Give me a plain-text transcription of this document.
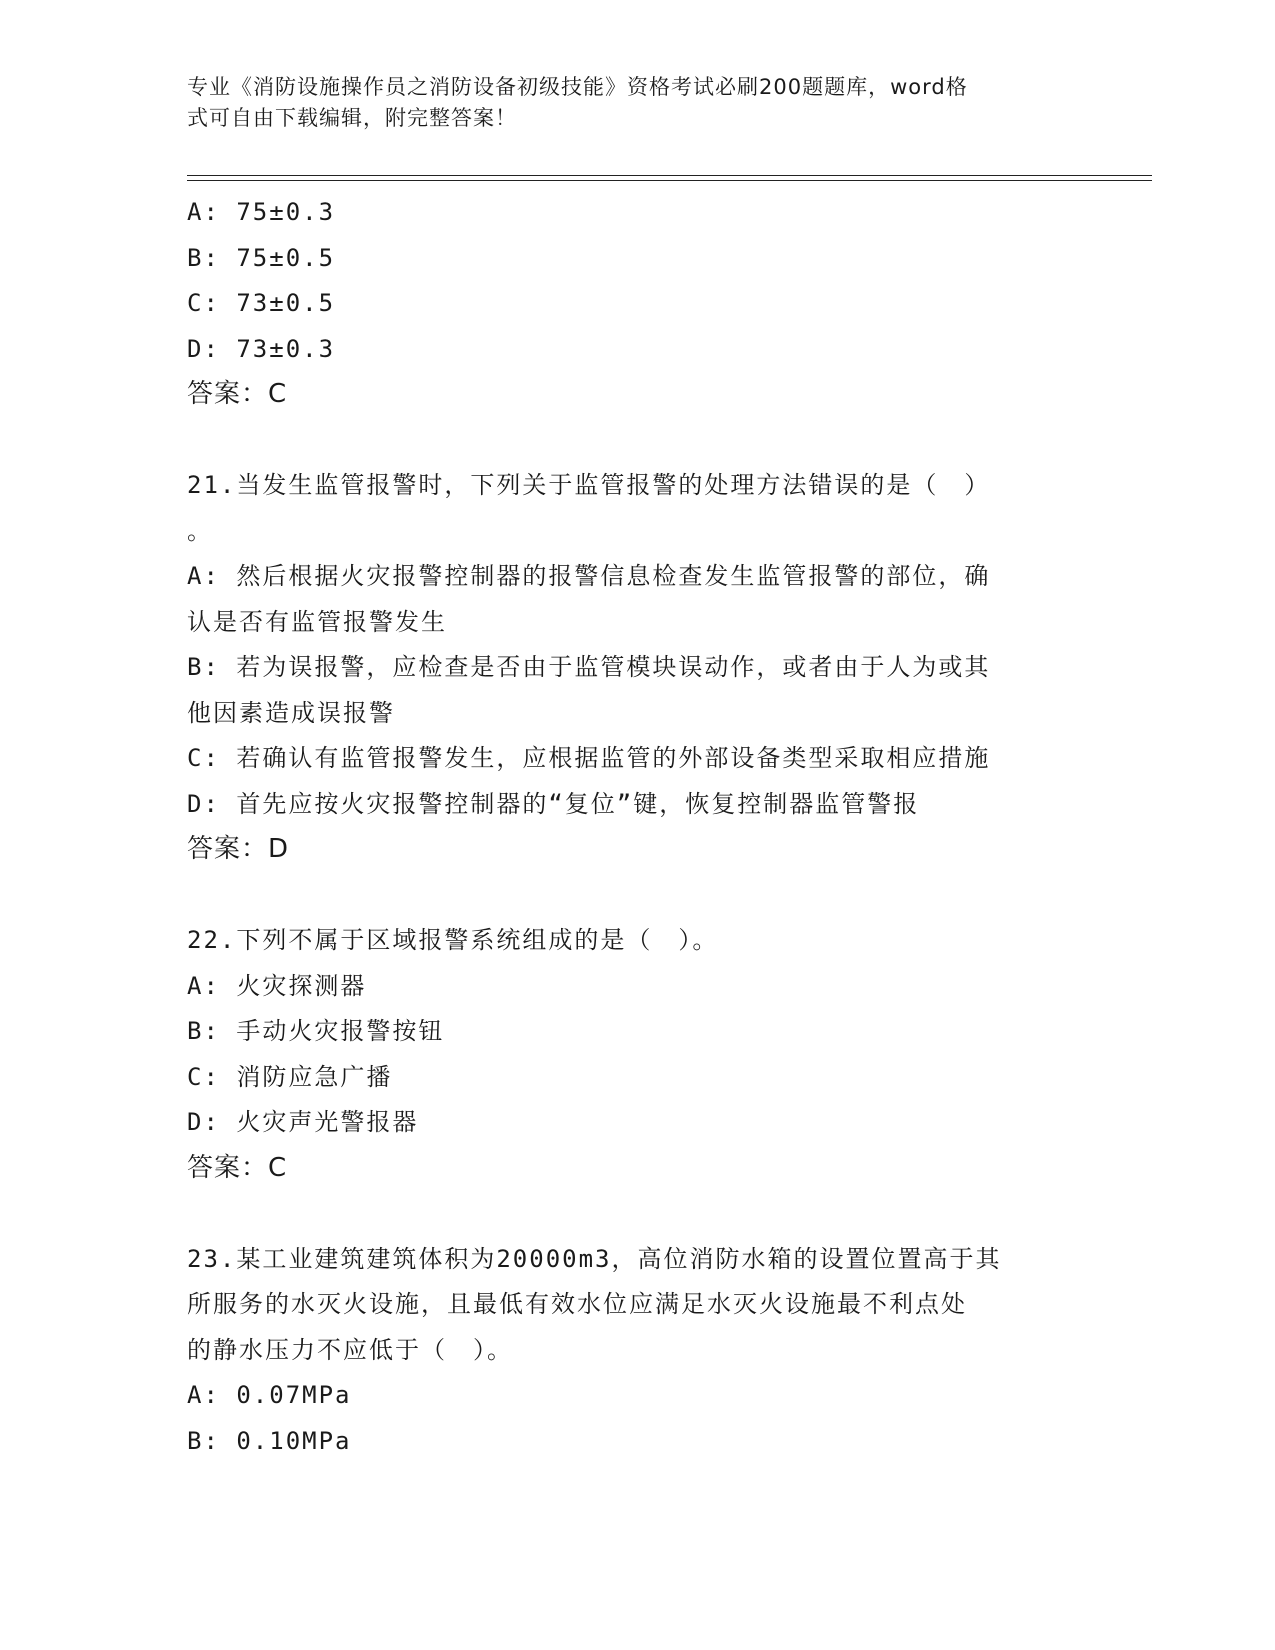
专业《消防设施操作员之消防设备初级技能》资格考试必刷200题题库，word格
式可自由下载编辑，附完整答案！

A: 75±0.3

B: 75±0.5

C: 73±0.5

D: 73±0.3

答案：C

21.当发生监管报警时，下列关于监管报警的处理方法错误的是（　）

。

A: 然后根据火灾报警控制器的报警信息检查发生监管报警的部位，确

认是否有监管报警发生

B: 若为误报警，应检查是否由于监管模块误动作，或者由于人为或其

他因素造成误报警

C: 若确认有监管报警发生，应根据监管的外部设备类型采取相应措施

D: 首先应按火灾报警控制器的“复位”键，恢复控制器监管警报

答案：D

22.下列不属于区域报警系统组成的是（　）。

A: 火灾探测器

B: 手动火灾报警按钮

C: 消防应急广播

D: 火灾声光警报器

答案：C

23.某工业建筑建筑体积为20000m3，高位消防水箱的设置位置高于其

所服务的水灭火设施，且最低有效水位应满足水灭火设施最不利点处

的静水压力不应低于（　）。

A: 0.07MPa

B: 0.10MPa
